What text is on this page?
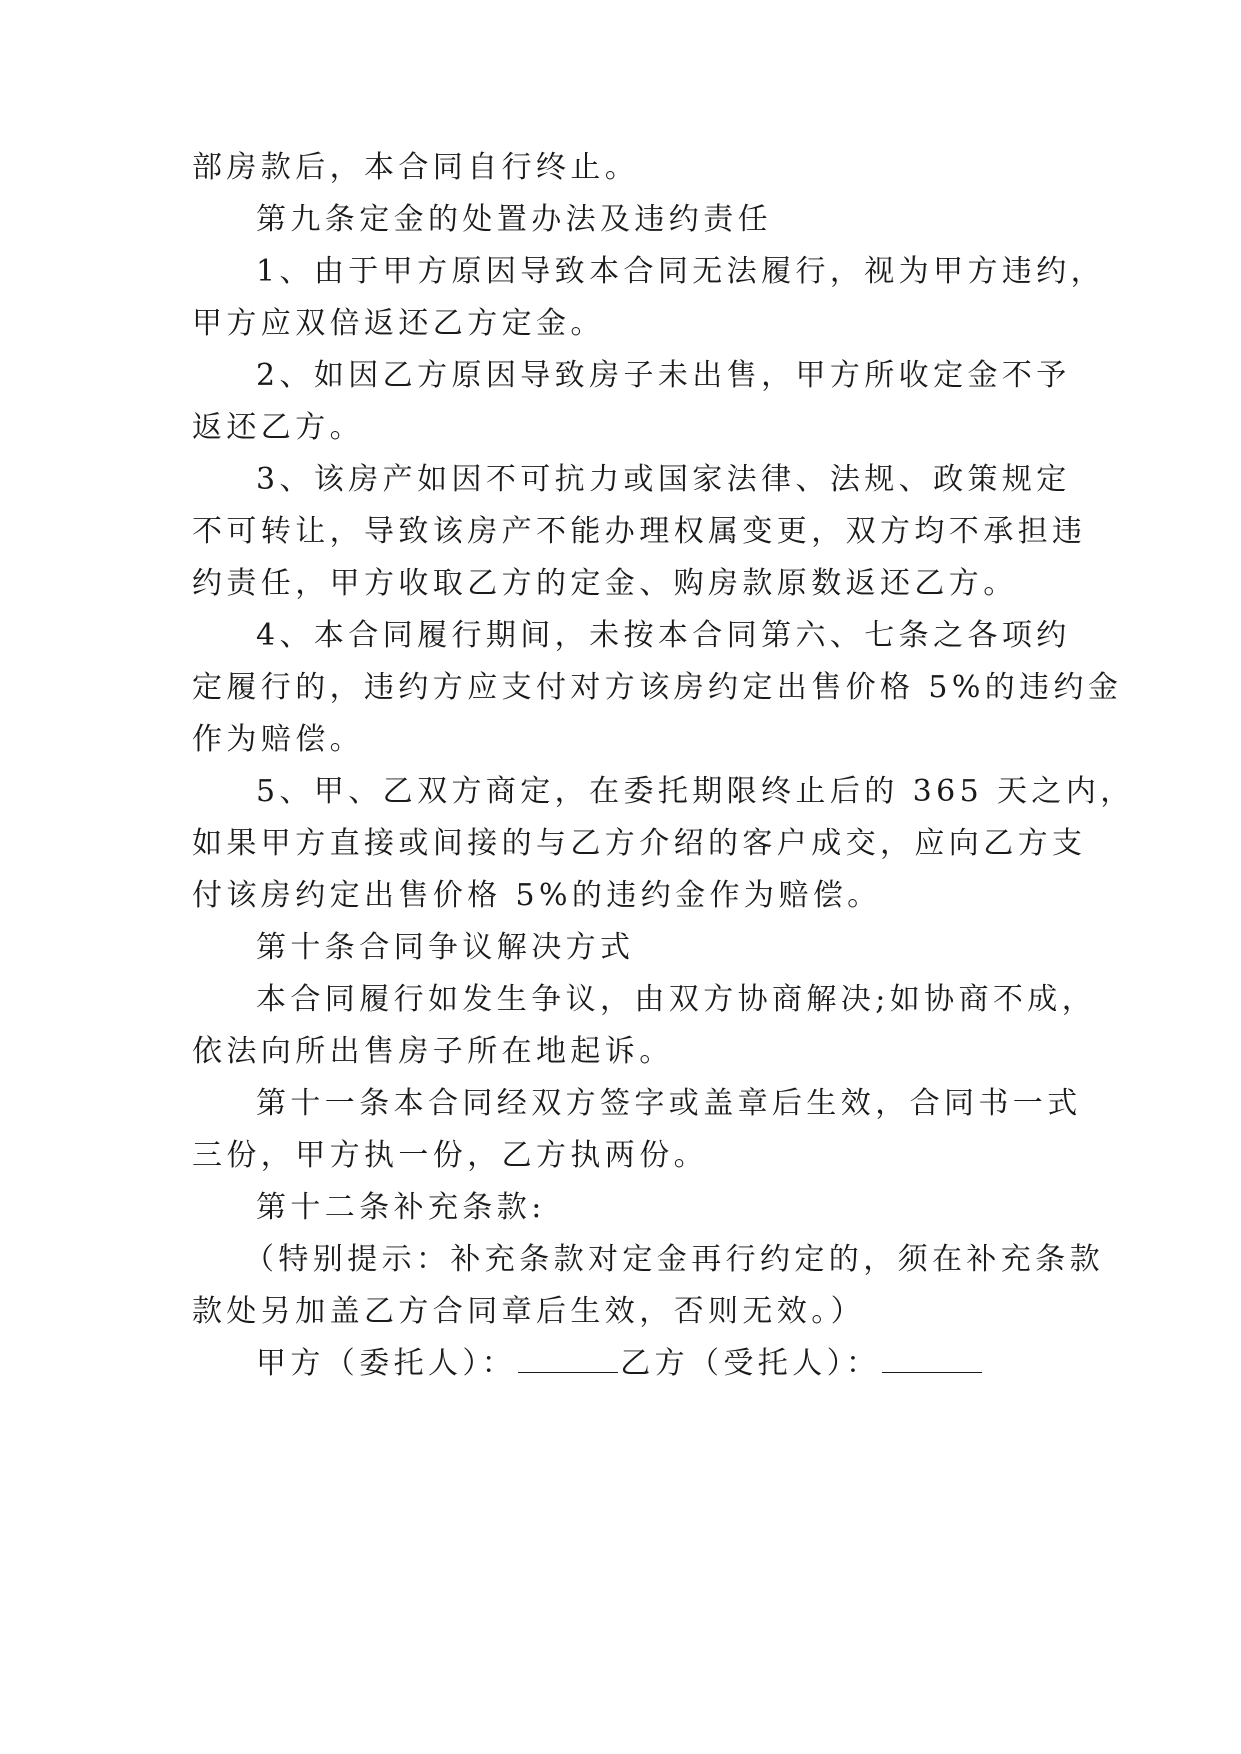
部房款后，本合同自行终止。
第九条定金的处置办法及违约责任
1、由于甲方原因导致本合同无法履行，视为甲方违约，
甲方应双倍返还乙方定金。
2、如因乙方原因导致房子未出售，甲方所收定金不予
返还乙方。
3、该房产如因不可抗力或国家法律、法规、政策规定
不可转让，导致该房产不能办理权属变更，双方均不承担违
约责任，甲方收取乙方的定金、购房款原数返还乙方。
4、本合同履行期间，未按本合同第六、七条之各项约
定履行的，违约方应支付对方该房约定出售价格 5%的违约金
作为赔偿。
5、甲、乙双方商定，在委托期限终止后的 365 天之内，
如果甲方直接或间接的与乙方介绍的客户成交，应向乙方支
付该房约定出售价格 5%的违约金作为赔偿。
第十条合同争议解决方式
本合同履行如发生争议，由双方协商解决;如协商不成，
依法向所出售房子所在地起诉。
第十一条本合同经双方签字或盖章后生效，合同书一式
三份，甲方执一份，乙方执两份。
第十二条补充条款:
（特别提示：补充条款对定金再行约定的，须在补充条款
款处另加盖乙方合同章后生效，否则无效。）
甲方（委托人）：	乙方（受托人）：
